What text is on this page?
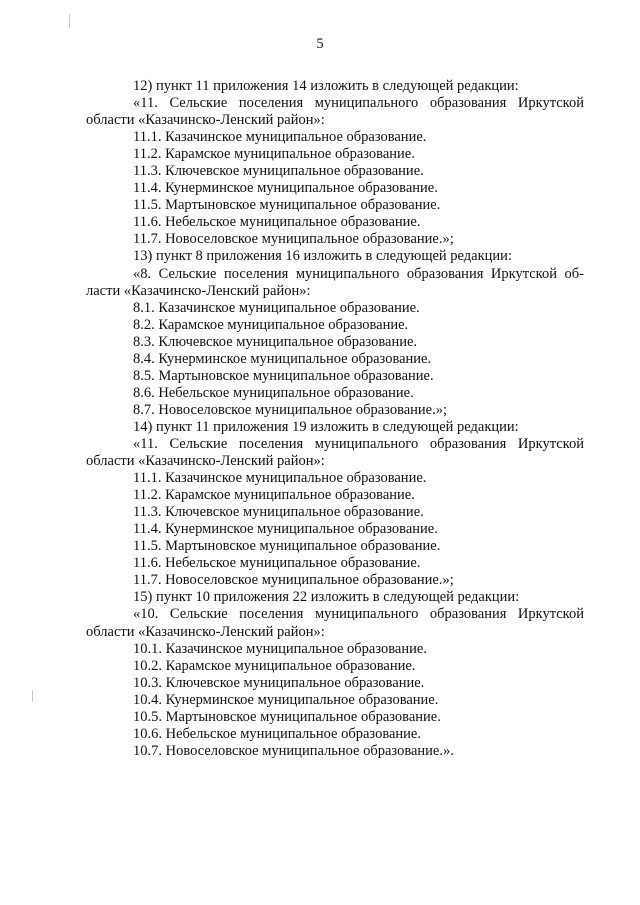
5
12) пункт 11 приложения 14 изложить в следующей редакции:
«11. Сельские поселения муниципального образования Иркутской
области «Казачинско-Ленский район»:
11.1. Казачинское муниципальное образование.
11.2. Карамское муниципальное образование.
11.3. Ключевское муниципальное образование.
11.4. Кунерминское муниципальное образование.
11.5. Мартыновское муниципальное образование.
11.6. Небельское муниципальное образование.
11.7. Новоселовское муниципальное образование.»;
13) пункт 8 приложения 16 изложить в следующей редакции:
«8. Сельские поселения муниципального образования Иркутской об-
ласти «Казачинско-Ленский район»:
8.1. Казачинское муниципальное образование.
8.2. Карамское муниципальное образование.
8.3. Ключевское муниципальное образование.
8.4. Кунерминское муниципальное образование.
8.5. Мартыновское муниципальное образование.
8.6. Небельское муниципальное образование.
8.7. Новоселовское муниципальное образование.»;
14) пункт 11 приложения 19 изложить в следующей редакции:
«11. Сельские поселения муниципального образования Иркутской
области «Казачинско-Ленский район»:
11.1. Казачинское муниципальное образование.
11.2. Карамское муниципальное образование.
11.3. Ключевское муниципальное образование.
11.4. Кунерминское муниципальное образование.
11.5. Мартыновское муниципальное образование.
11.6. Небельское муниципальное образование.
11.7. Новоселовское муниципальное образование.»;
15) пункт 10 приложения 22 изложить в следующей редакции:
«10. Сельские поселения муниципального образования Иркутской
области «Казачинско-Ленский район»:
10.1. Казачинское муниципальное образование.
10.2. Карамское муниципальное образование.
10.3. Ключевское муниципальное образование.
10.4. Кунерминское муниципальное образование.
10.5. Мартыновское муниципальное образование.
10.6. Небельское муниципальное образование.
10.7. Новоселовское муниципальное образование.».
